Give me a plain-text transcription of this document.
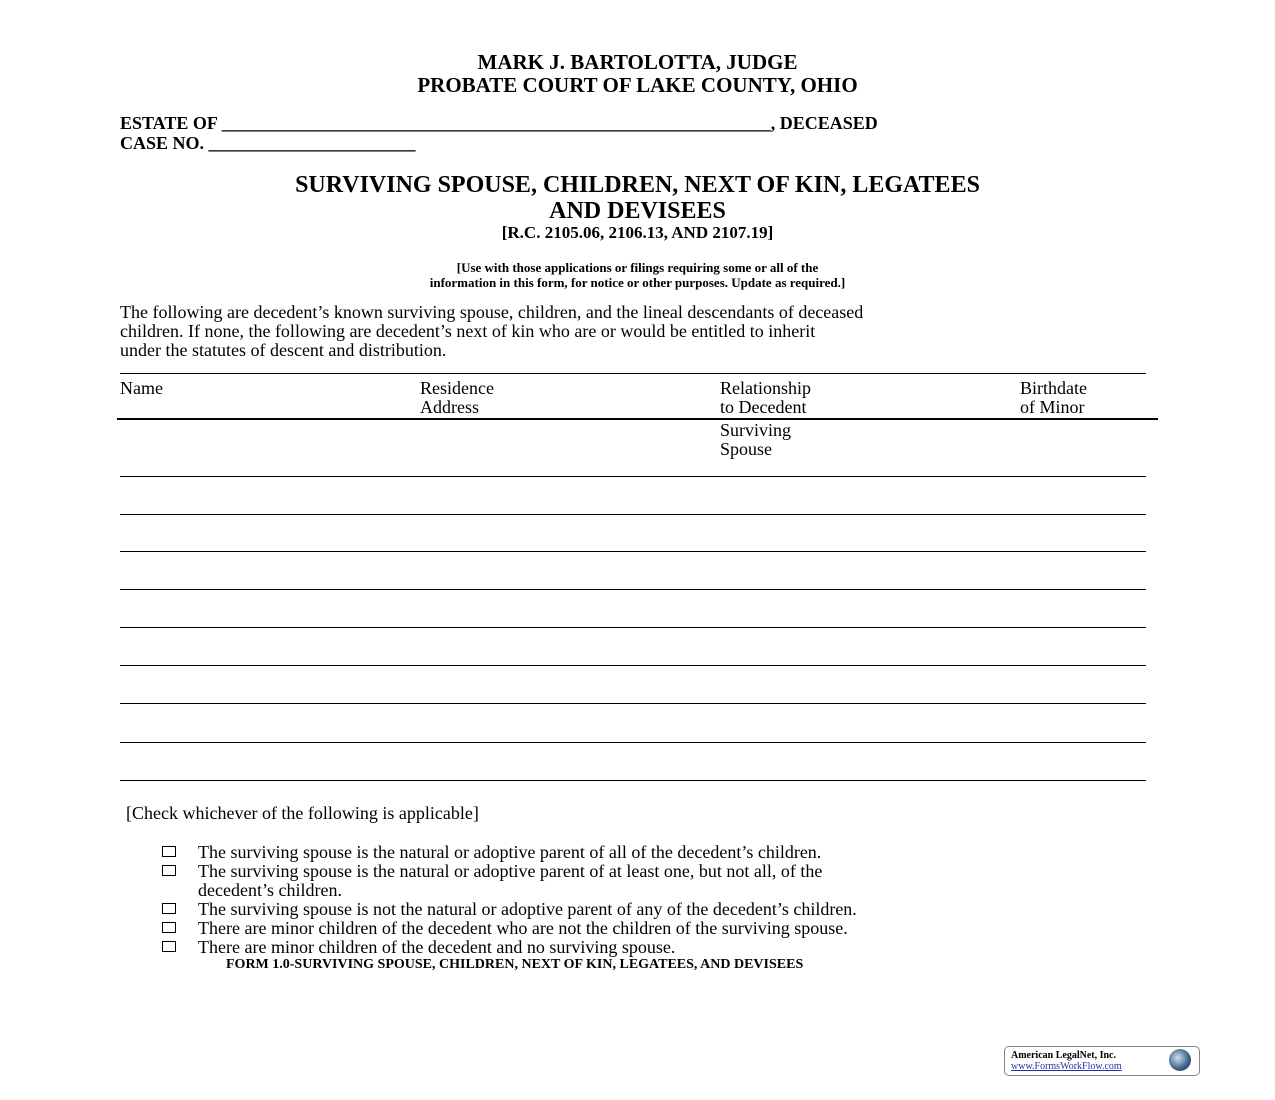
MARK J. BARTOLOTTA, JUDGE
PROBATE COURT OF LAKE COUNTY, OHIO
ESTATE OF _____________________________________________________________, DECEASED
CASE NO. _______________________
SURVIVING SPOUSE, CHILDREN, NEXT OF KIN, LEGATEES
AND DEVISEES
[R.C. 2105.06, 2106.13, AND 2107.19]
[Use with those applications or filings requiring some or all of the
information in this form, for notice or other purposes. Update as required.]
The following are decedent’s known surviving spouse, children, and the lineal descendants of deceased
children. If none, the following are decedent’s next of kin who are or would be entitled to inherit
under the statutes of descent and distribution.
Name	Residence
Address
Relationship
to Decedent
Birthdate
of Minor
Surviving
Spouse
[Check whichever of the following is applicable]
The surviving spouse is the natural or adoptive parent of all of the decedent’s children.
The surviving spouse is the natural or adoptive parent of at least one, but not all, of the
decedent’s children.
The surviving spouse is not the natural or adoptive parent of any of the decedent’s children.
There are minor children of the decedent who are not the children of the surviving spouse.
There are minor children of the decedent and no surviving spouse.
FORM 1.0-SURVIVING SPOUSE, CHILDREN, NEXT OF KIN, LEGATEES, AND DEVISEES
American LegalNet, Inc.
www.FormsWorkFlow.com
